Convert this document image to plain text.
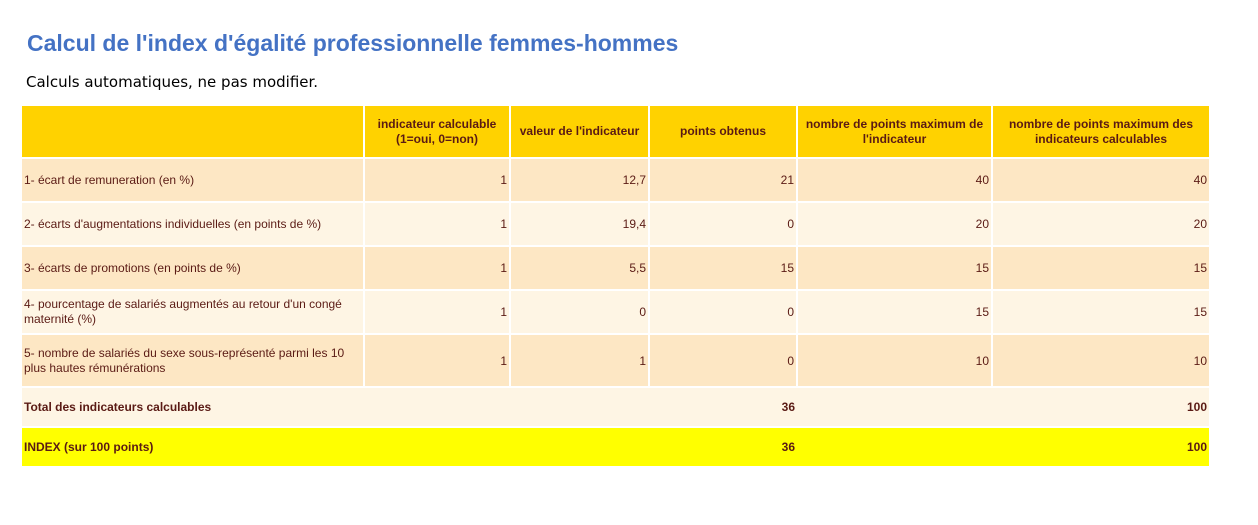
Calcul de l'index d'égalité professionnelle femmes-hommes

Calculs automatiques, ne pas modifier.

	indicateur calculable (1=oui, 0=non)	valeur de l'indicateur	points obtenus	nombre de points maximum de l'indicateur	nombre de points maximum des indicateurs calculables
1- écart de remuneration (en %)	1	12,7	21	40	40
2- écarts d'augmentations individuelles (en points de %)	1	19,4	0	20	20
3- écarts de promotions (en points de %)	1	5,5	15	15	15
4- pourcentage de salariés augmentés au retour d'un congé maternité (%)	1	0	0	15	15
5- nombre de salariés du sexe sous-représenté parmi les 10 plus hautes rémunérations	1	1	0	10	10
Total des indicateurs calculables			36		100
INDEX (sur 100 points)			36		100
